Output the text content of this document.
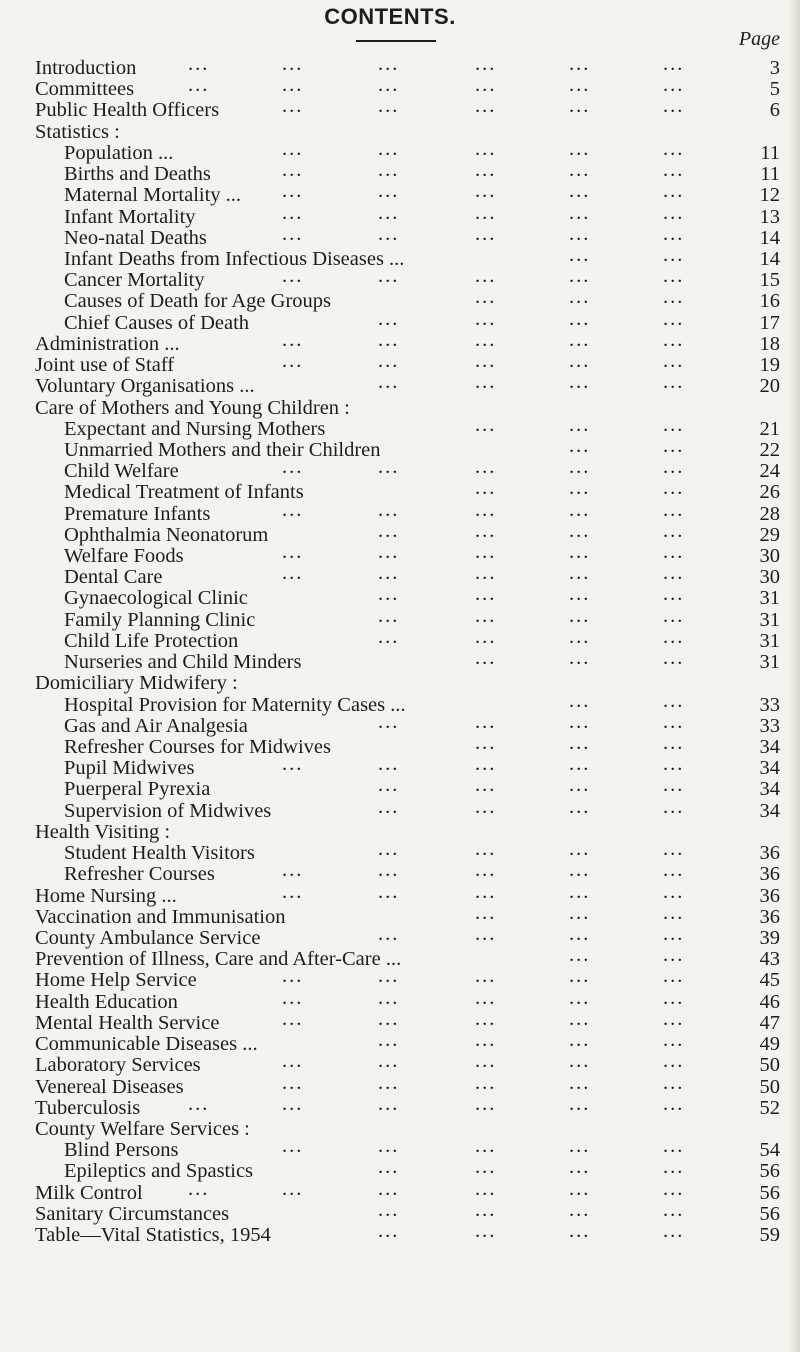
CONTENTS.
Page
Introduction	...	...	...	...	...	...	3
Committees	...	...	...	...	...	...	5
Public Health Officers	...	...	...	...	...	6
Statistics :
Population ...	...	...	...	...	...	11
Births and Deaths	...	...	...	...	...	11
Maternal Mortality ... ...	...	...	...	...	12
Infant Mortality	...	...	...	...	...	13
Neo-natal Deaths	...	...	...	...	...	14
Infant Deaths from Infectious Diseases ...	...	...	14
Cancer Mortality	...	...	...	...	...	15
Causes of Death for Age Groups	...	...	...	16
Chief Causes of Death	...	...	...	...	17
Administration ...	...	...	...	...	...	18
Joint use of Staff	...	...	...	...	...	19
Voluntary Organisations ...	...	...	...	...	20
Care of Mothers and Young Children :
Expectant and Nursing Mothers	...	...	...	21
Unmarried Mothers and their Children	...	...	22
Child Welfare	...	...	...	...	...	24
Medical Treatment of Infants	...	...	...	26
Premature Infants	...	...	...	...	...	28
Ophthalmia Neonatorum	...	...	...	...	29
Welfare Foods	...	...	...	...	...	30
Dental Care	...	...	...	...	...	30
Gynaecological Clinic	...	...	...	...	31
Family Planning Clinic	...	...	...	...	31
Child Life Protection	...	...	...	...	31
Nurseries and Child Minders	...	...	...	31
Domiciliary Midwifery :
Hospital Provision for Maternity Cases ...	...	...	33
Gas and Air Analgesia	...	...	...	...	33
Refresher Courses for Midwives	...	...	...	34
Pupil Midwives	...	...	...	...	...	34
Puerperal Pyrexia	...	...	...	...	34
Supervision of Midwives	...	...	...	...	34
Health Visiting :
Student Health Visitors	...	...	...	...	36
Refresher Courses	...	...	...	...	...	36
Home Nursing ...	...	...	...	...	...	36
Vaccination and Immunisation	...	...	...	36
County Ambulance Service	...	...	...	...	39
Prevention of Illness, Care and After-Care ...	...	...	43
Home Help Service	...	...	...	...	...	45
Health Education	...	...	...	...	...	46
Mental Health Service	...	...	...	...	...	47
Communicable Diseases ...	...	...	...	...	49
Laboratory Services	...	...	...	...	...	50
Venereal Diseases	...	...	...	...	...	50
Tuberculosis ...	...	...	...	...	...	52
County Welfare Services :
Blind Persons	...	...	...	...	...	54
Epileptics and Spastics	...	...	...	...	56
Milk Control ...	...	...	...	...	...	56
Sanitary Circumstances	...	...	...	...	56
Table—Vital Statistics, 1954	...	...	...	...	59
